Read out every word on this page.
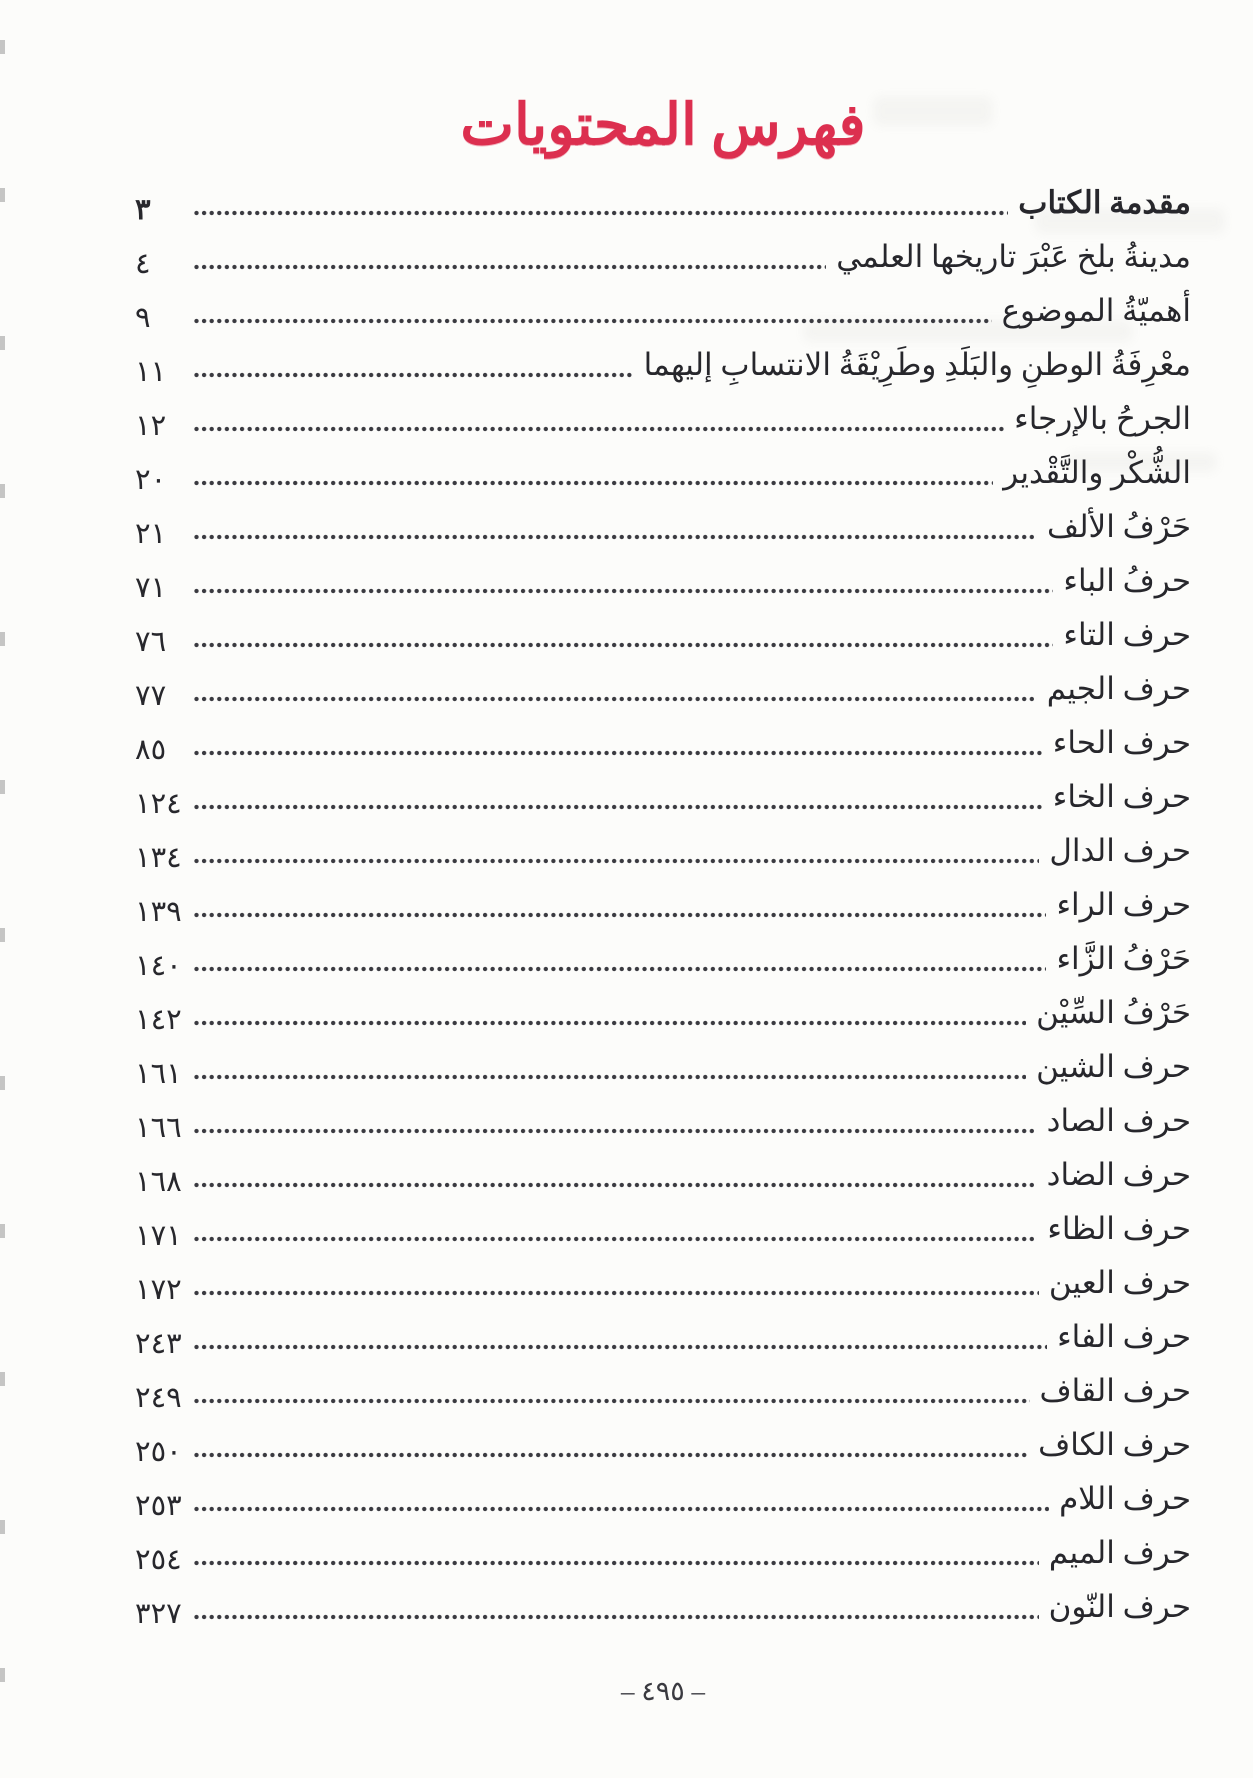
فهرس المحتويات
مقدمة الكتاب
٣
مدينةُ بلخ عَبْرَ تاريخها العلمي
٤
أهميّةُ الموضوع
٩
معْرِفَةُ الوطنِ والبَلَدِ وطَرِيْقَةُ الانتسابِ إليهما
١١
الجرحُ بالإرجاء
١٢
الشُّكْر والتَّقْدير
٢٠
حَرْفُ الألف
٢١
حرفُ الباء
٧١
حرف التاء
٧٦
حرف الجيم
٧٧
حرف الحاء
٨٥
حرف الخاء
١٢٤
حرف الدال
١٣٤
حرف الراء
١٣٩
حَرْفُ الزَّاء
١٤٠
حَرْفُ السِّيْن
١٤٢
حرف الشين
١٦١
حرف الصاد
١٦٦
حرف الضاد
١٦٨
حرف الظاء
١٧١
حرف العين
١٧٢
حرف الفاء
٢٤٣
حرف القاف
٢٤٩
حرف الكاف
٢٥٠
حرف اللام
٢٥٣
حرف الميم
٢٥٤
حرف النّون
٣٢٧
– ٤٩٥ –
